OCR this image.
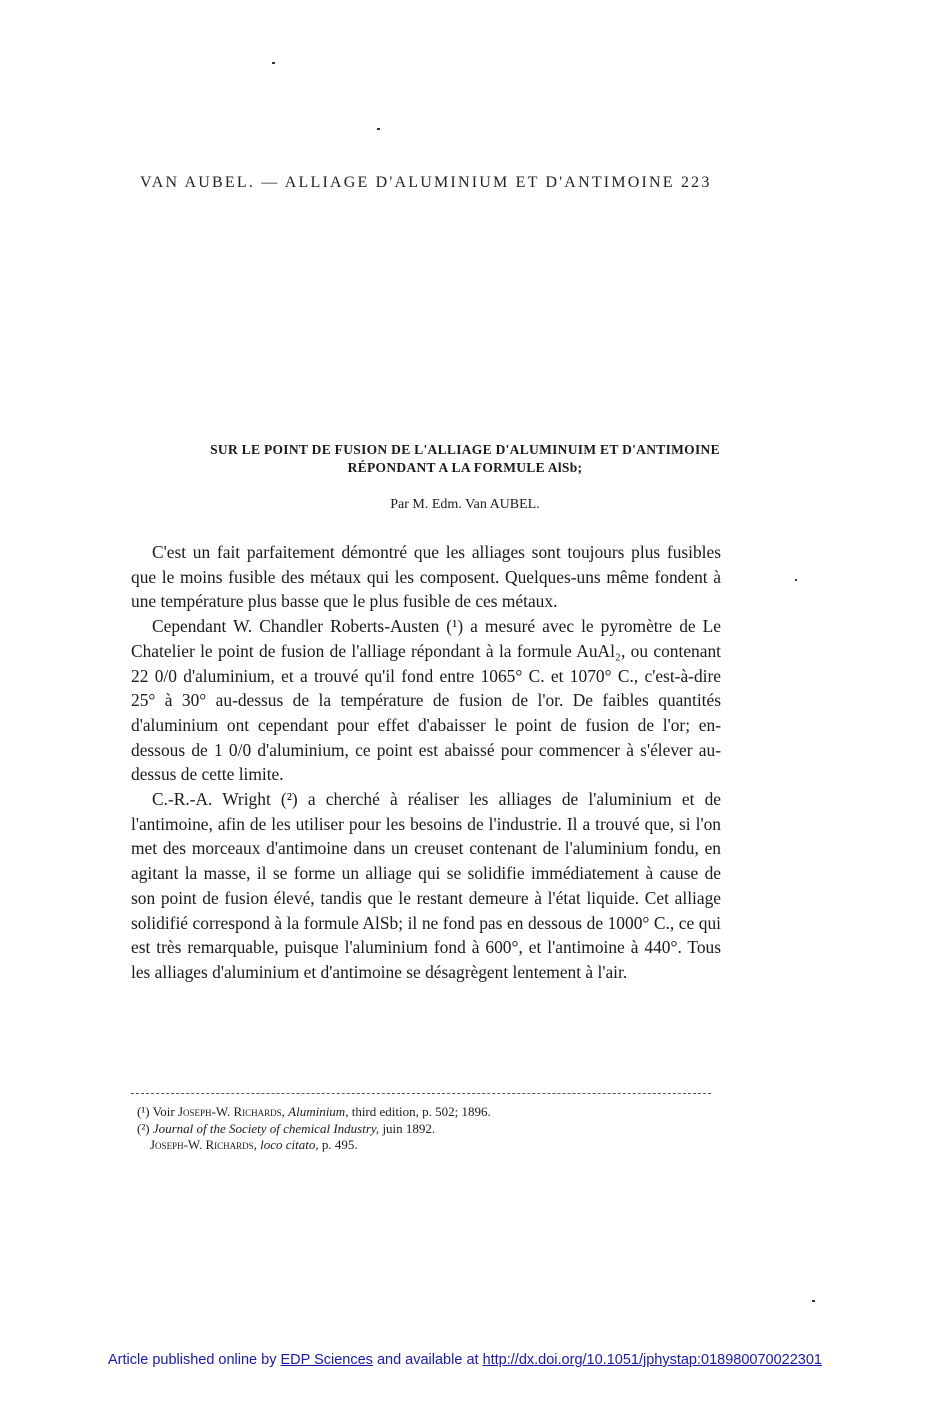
VAN AUBEL. — ALLIAGE D'ALUMINIUM ET D'ANTIMOINE 223
SUR LE POINT DE FUSION DE L'ALLIAGE D'ALUMINUIM ET D'ANTIMOINE
RÉPONDANT A LA FORMULE AlSb;
Par M. Edm. Van AUBEL.

C'est un fait parfaitement démontré que les alliages sont toujours plus fusibles que le moins fusible des métaux qui les composent. Quelques-uns même fondent à une température plus basse que le plus fusible de ces métaux.

Cependant W. Chandler Roberts-Austen (¹) a mesuré avec le pyromètre de Le Chatelier le point de fusion de l'alliage répondant à la formule AuAl₂, ou contenant 22 0/0 d'aluminium, et a trouvé qu'il fond entre 1065° C. et 1070° C., c'est-à-dire 25° à 30° au-dessus de la température de fusion de l'or. De faibles quantités d'aluminium ont cependant pour effet d'abaisser le point de fusion de l'or; en-dessous de 1 0/0 d'aluminium, ce point est abaissé pour commencer à s'élever au-dessus de cette limite.

C.-R.-A. Wright (²) a cherché à réaliser les alliages de l'aluminium et de l'antimoine, afin de les utiliser pour les besoins de l'industrie. Il a trouvé que, si l'on met des morceaux d'antimoine dans un creuset contenant de l'aluminium fondu, en agitant la masse, il se forme un alliage qui se solidifie immédiatement à cause de son point de fusion élevé, tandis que le restant demeure à l'état liquide. Cet alliage solidifié correspond à la formule AlSb; il ne fond pas en dessous de 1000° C., ce qui est très remarquable, puisque l'aluminium fond à 600°, et l'antimoine à 440°. Tous les alliages d'aluminium et d'antimoine se désagrègent lentement à l'air.

(¹) Voir Joseph-W. Richards, Aluminium, third edition, p. 502; 1896.
(²) Journal of the Society of chemical Industry, juin 1892.
Joseph-W. Richards, loco citato, p. 495.
Article published online by EDP Sciences and available at http://dx.doi.org/10.1051/jphystap:018980070022301
